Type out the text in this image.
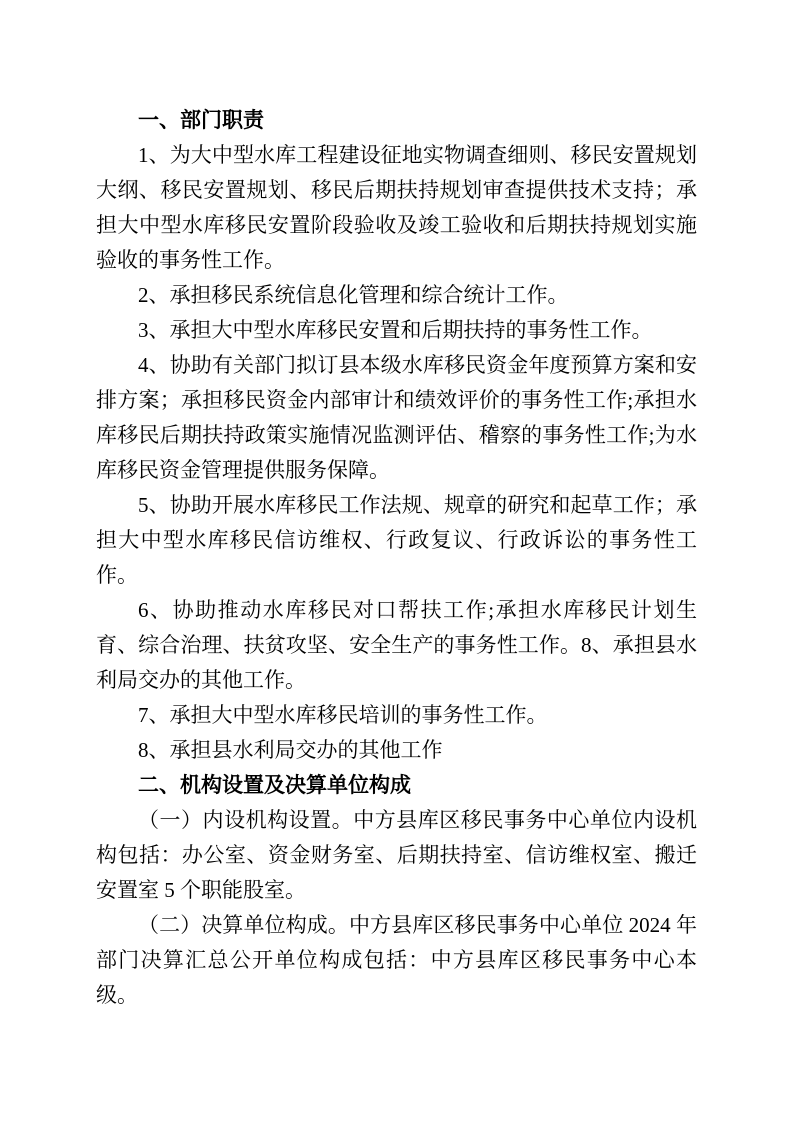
一、部门职责

1、为大中型水库工程建设征地实物调查细则、移民安置规划大纲、移民安置规划、移民后期扶持规划审查提供技术支持；承担大中型水库移民安置阶段验收及竣工验收和后期扶持规划实施验收的事务性工作。

2、承担移民系统信息化管理和综合统计工作。

3、承担大中型水库移民安置和后期扶持的事务性工作。

4、协助有关部门拟订县本级水库移民资金年度预算方案和安排方案；承担移民资金内部审计和绩效评价的事务性工作;承担水库移民后期扶持政策实施情况监测评估、稽察的事务性工作;为水库移民资金管理提供服务保障。

5、协助开展水库移民工作法规、规章的研究和起草工作；承担大中型水库移民信访维权、行政复议、行政诉讼的事务性工作。

6、协助推动水库移民对口帮扶工作;承担水库移民计划生育、综合治理、扶贫攻坚、安全生产的事务性工作。8、承担县水利局交办的其他工作。

7、承担大中型水库移民培训的事务性工作。

8、承担县水利局交办的其他工作

二、机构设置及决算单位构成

（一）内设机构设置。中方县库区移民事务中心单位内设机构包括：办公室、资金财务室、后期扶持室、信访维权室、搬迁安置室 5 个职能股室。

（二）决算单位构成。中方县库区移民事务中心单位 2024 年部门决算汇总公开单位构成包括：中方县库区移民事务中心本级。
